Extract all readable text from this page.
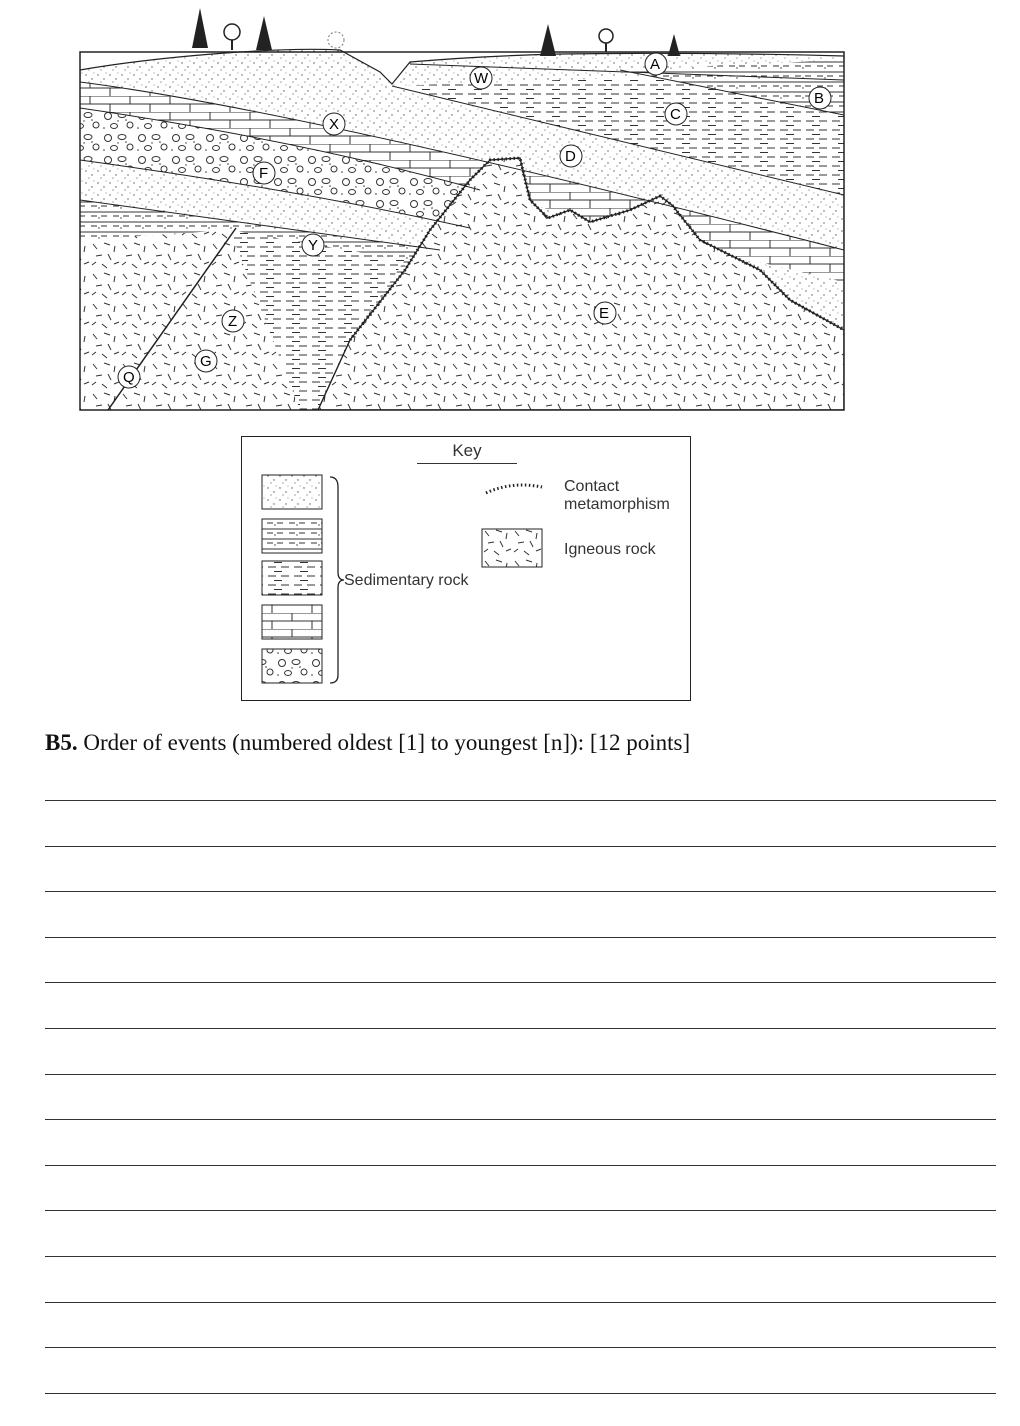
A
B
C
D
E
F
G
Q
W
X
Y
Z
Key
Contact
metamorphism
Igneous rock
Sedimentary rock
B5. Order of events (numbered oldest [1] to youngest [n]): [12 points]
